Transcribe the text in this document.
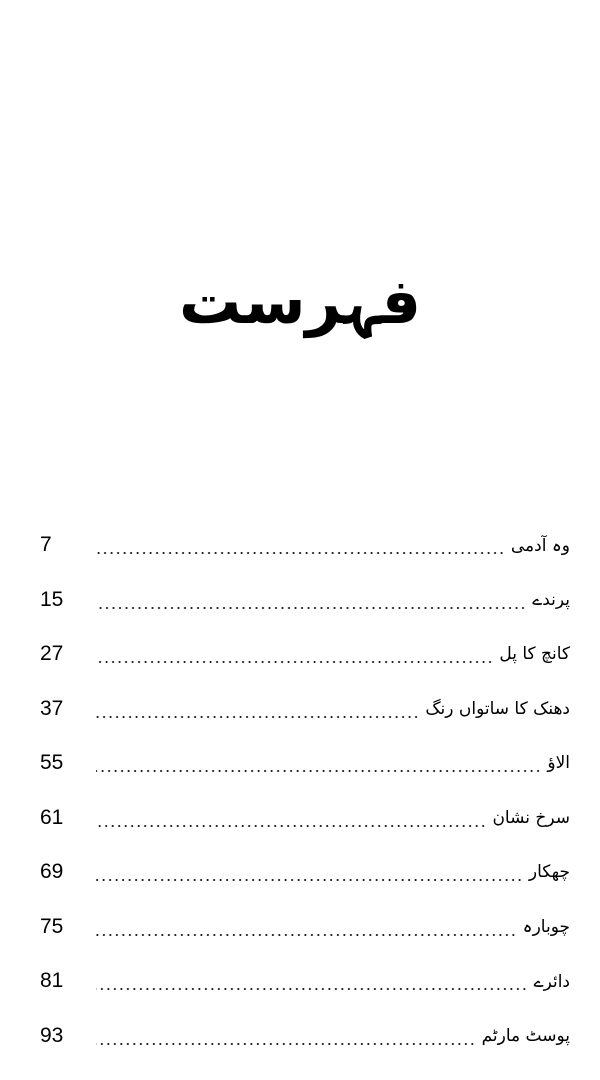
فہرست
7	وہ آدمی
15	پرندے
27	کانچ کا پل
37	دھنک کا ساتواں رنگ
55	الاؤ
61	سرخ نشان
69	چھکار
75	چوبارہ
81	دائرے
93	پوسٹ مارٹم
